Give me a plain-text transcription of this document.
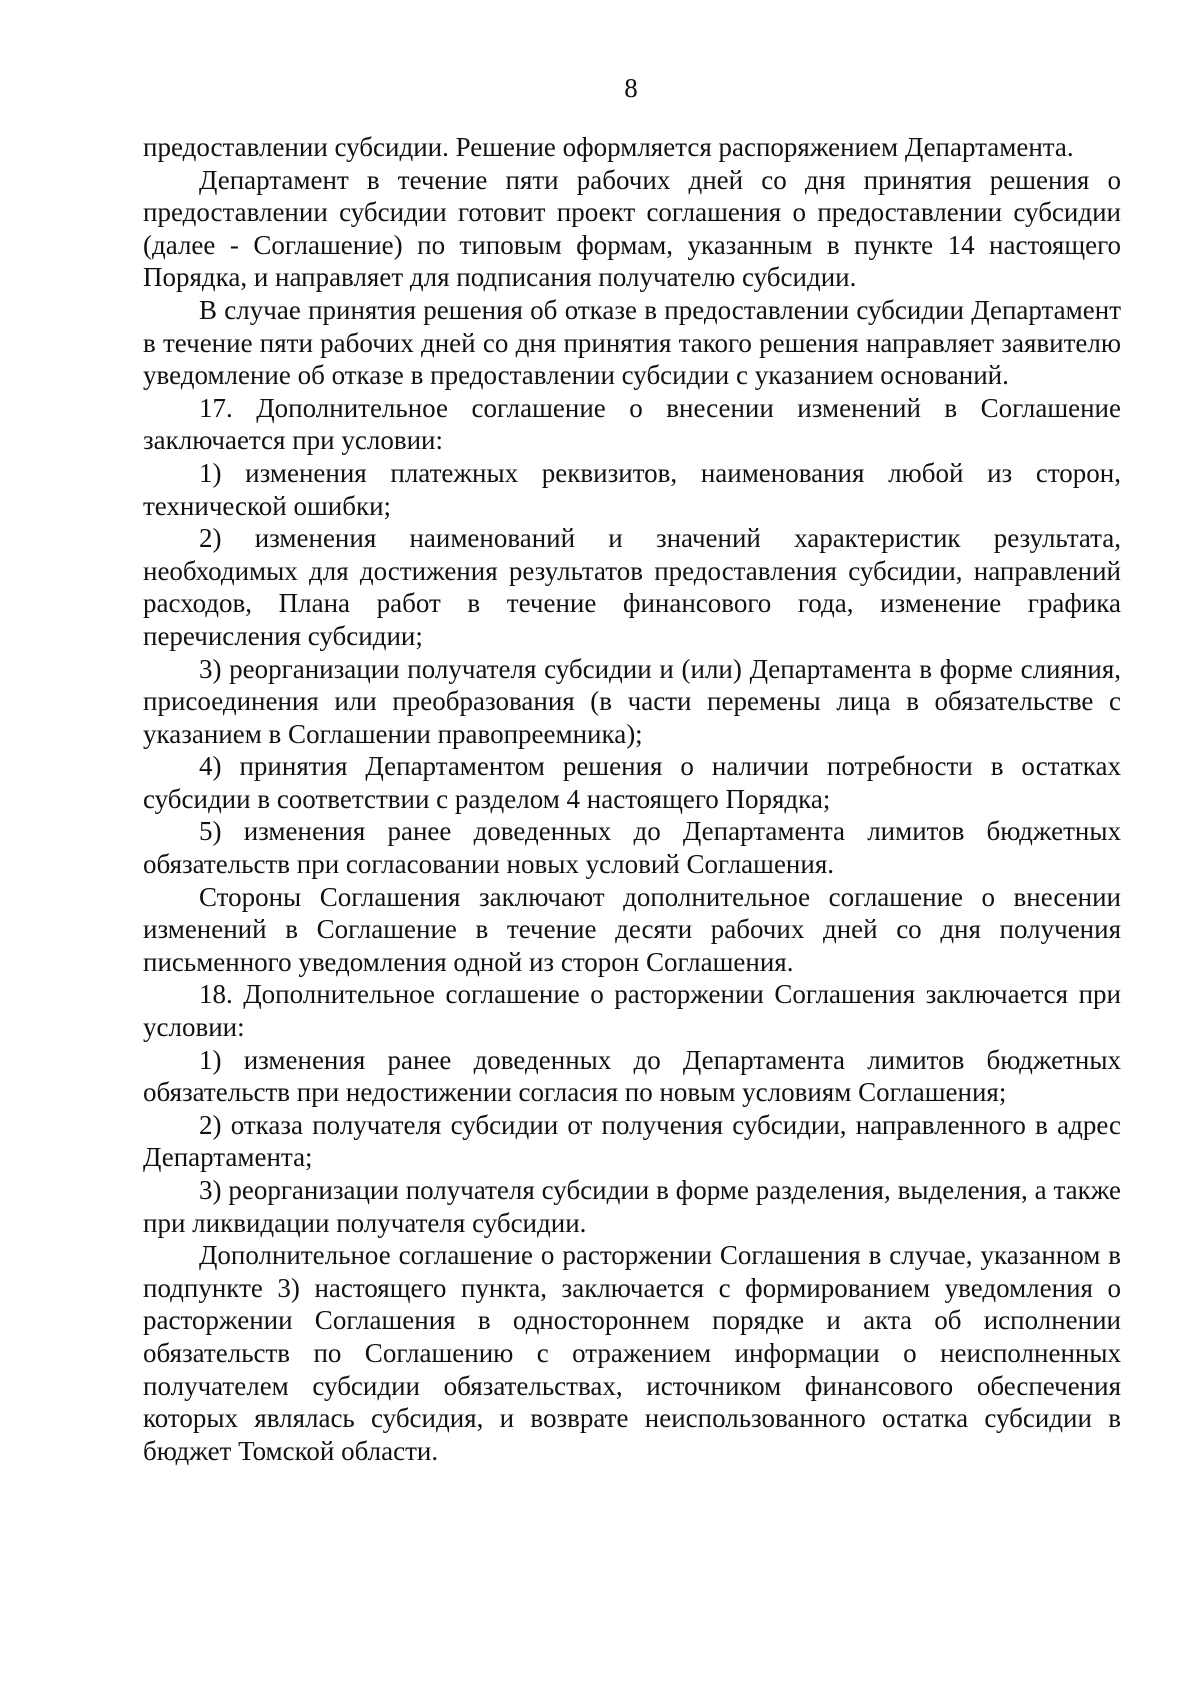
8

предоставлении субсидии. Решение оформляется распоряжением Департамента.

Департамент в течение пяти рабочих дней со дня принятия решения о предоставлении субсидии готовит проект соглашения о предоставлении субсидии (далее - Соглашение) по типовым формам, указанным в пункте 14 настоящего Порядка, и направляет для подписания получателю субсидии.

В случае принятия решения об отказе в предоставлении субсидии Департамент в течение пяти рабочих дней со дня принятия такого решения направляет заявителю уведомление об отказе в предоставлении субсидии с указанием оснований.

17. Дополнительное соглашение о внесении изменений в Соглашение заключается при условии:

1) изменения платежных реквизитов, наименования любой из сторон, технической ошибки;

2) изменения наименований и значений характеристик результата, необходимых для достижения результатов предоставления субсидии, направлений расходов, Плана работ в течение финансового года, изменение графика перечисления субсидии;

3) реорганизации получателя субсидии и (или) Департамента в форме слияния, присоединения или преобразования (в части перемены лица в обязательстве с указанием в Соглашении правопреемника);

4) принятия Департаментом решения о наличии потребности в остатках субсидии в соответствии с разделом 4 настоящего Порядка;

5) изменения ранее доведенных до Департамента лимитов бюджетных обязательств при согласовании новых условий Соглашения.

Стороны Соглашения заключают дополнительное соглашение о внесении изменений в Соглашение в течение десяти рабочих дней со дня получения письменного уведомления одной из сторон Соглашения.

18. Дополнительное соглашение о расторжении Соглашения заключается при условии:

1) изменения ранее доведенных до Департамента лимитов бюджетных обязательств при недостижении согласия по новым условиям Соглашения;

2) отказа получателя субсидии от получения субсидии, направленного в адрес Департамента;

3) реорганизации получателя субсидии в форме разделения, выделения, а также при ликвидации получателя субсидии.

Дополнительное соглашение о расторжении Соглашения в случае, указанном в подпункте 3) настоящего пункта, заключается с формированием уведомления о расторжении Соглашения в одностороннем порядке и акта об исполнении обязательств по Соглашению с отражением информации о неисполненных получателем субсидии обязательствах, источником финансового обеспечения которых являлась субсидия, и возврате неиспользованного остатка субсидии в бюджет Томской области.
